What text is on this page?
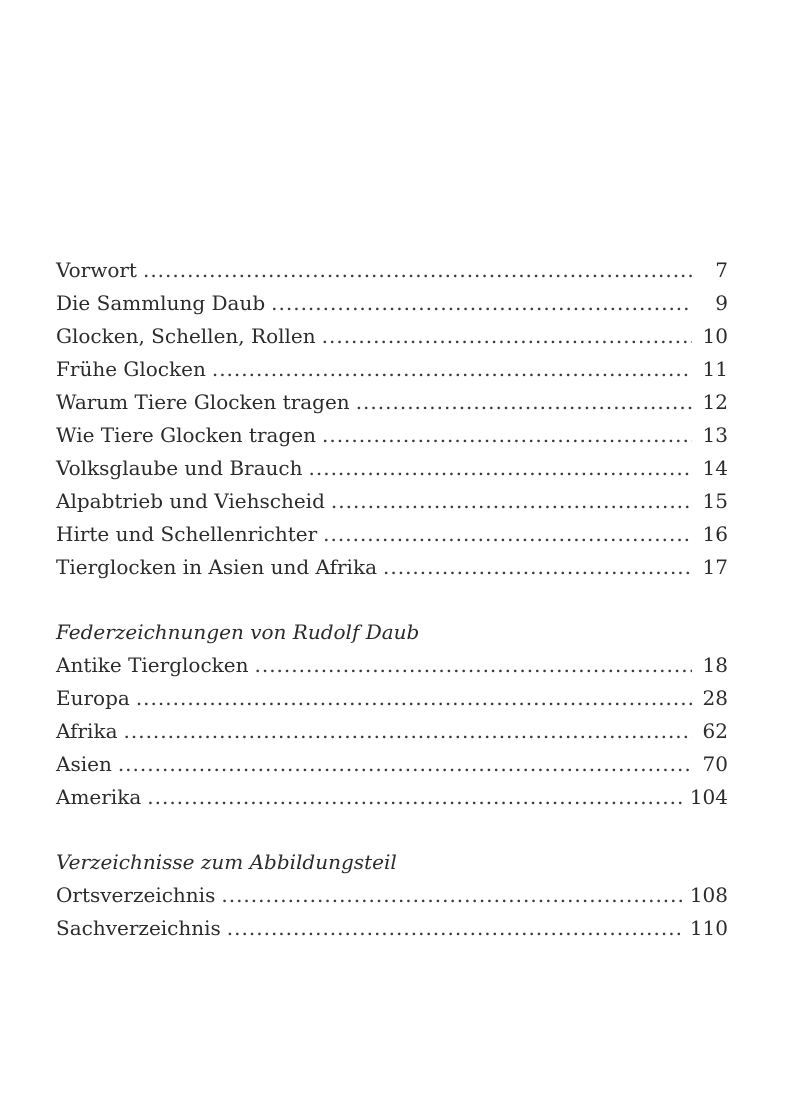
Vorwort .....	7
Die Sammlung Daub .....	9
Glocken, Schellen, Rollen .....	10
Frühe Glocken .....	11
Warum Tiere Glocken tragen .....	12
Wie Tiere Glocken tragen .....	13
Volksglaube und Brauch .....	14
Alpabtrieb und Viehscheid .....	15
Hirte und Schellenrichter .....	16
Tierglocken in Asien und Afrika .....	17
Federzeichnungen von Rudolf Daub
Antike Tierglocken .....	18
Europa .....	28
Afrika .....	62
Asien .....	70
Amerika .....	104
Verzeichnisse zum Abbildungsteil
Ortsverzeichnis .....	108
Sachverzeichnis .....	110
